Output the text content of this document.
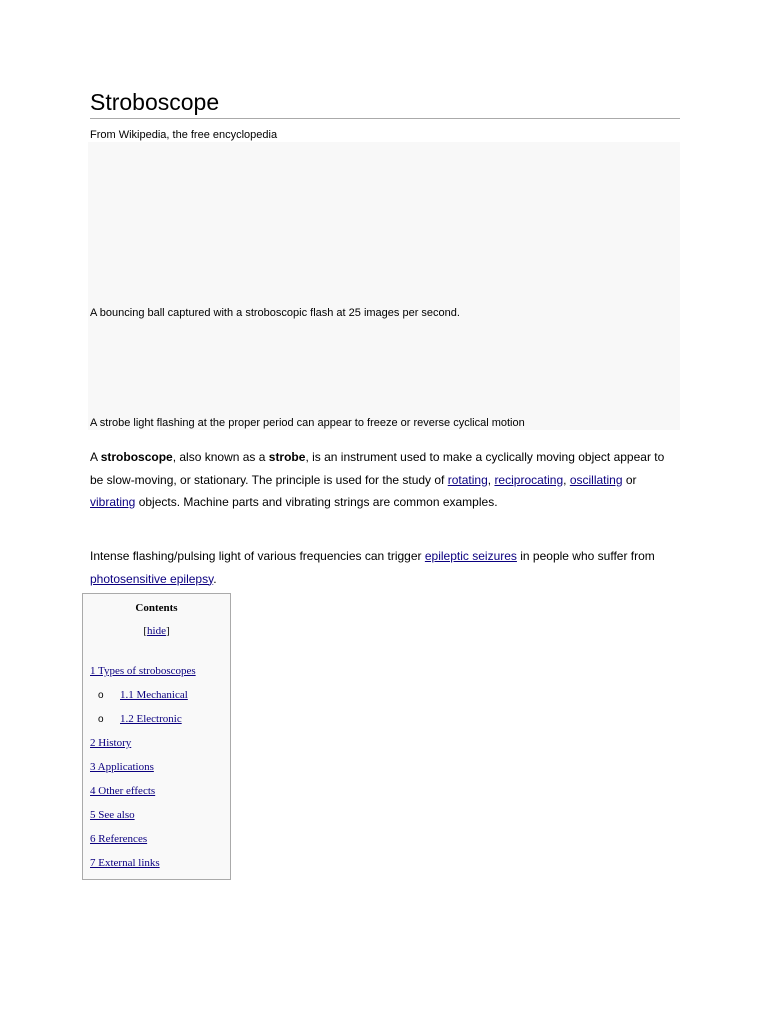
Stroboscope
From Wikipedia, the free encyclopedia
A bouncing ball captured with a stroboscopic flash at 25 images per second.
A strobe light flashing at the proper period can appear to freeze or reverse cyclical motion

A stroboscope, also known as a strobe, is an instrument used to make a cyclically moving object appear to be slow-moving, or stationary. The principle is used for the study of rotating, reciprocating, oscillating or vibrating objects. Machine parts and vibrating strings are common examples.

Intense flashing/pulsing light of various frequencies can trigger epileptic seizures in people who suffer from photosensitive epilepsy.

Contents
[hide]
1 Types of stroboscopes
o 1.1 Mechanical
o 1.2 Electronic
2 History
3 Applications
4 Other effects
5 See also
6 References
7 External links
